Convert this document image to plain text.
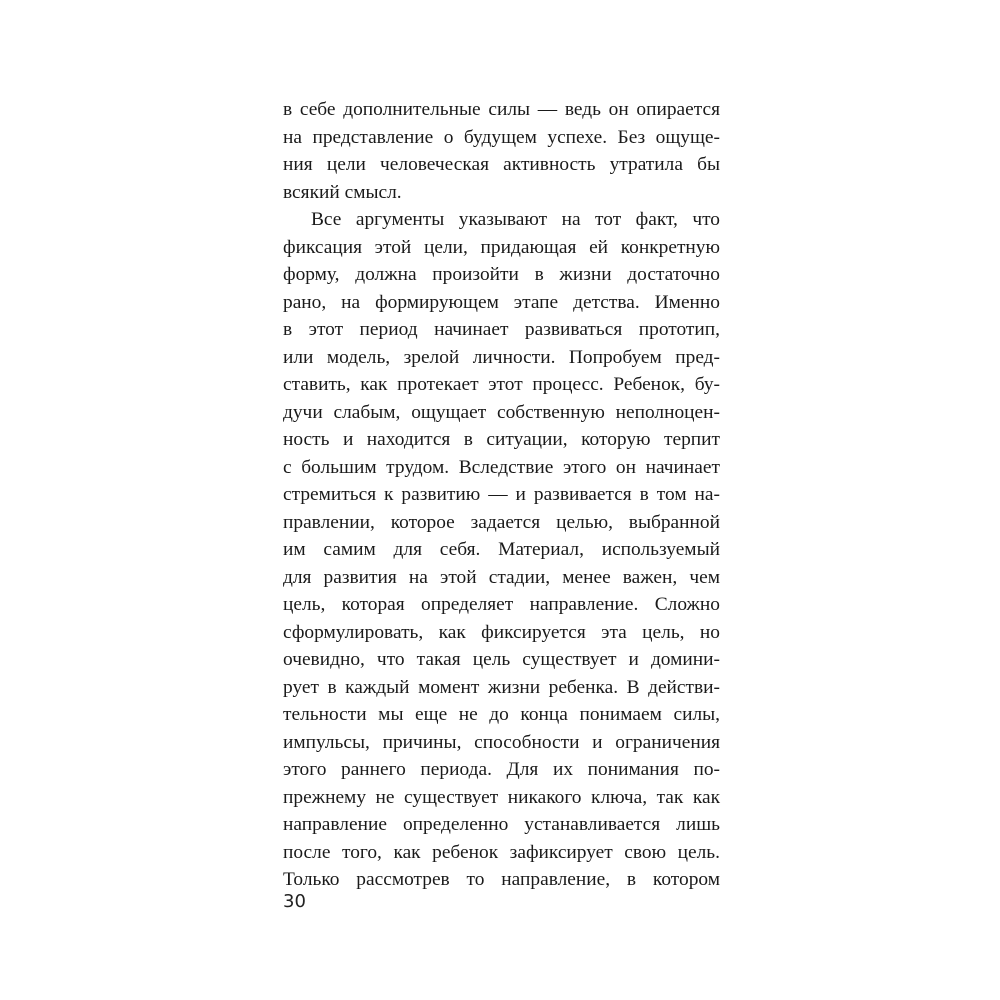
в себе дополнительные силы — ведь он опирается
на представление о будущем успехе. Без ощуще-
ния цели человеческая активность утратила бы
всякий смысл.
Все аргументы указывают на тот факт, что
фиксация этой цели, придающая ей конкретную
форму, должна произойти в жизни достаточно
рано, на формирующем этапе детства. Именно
в этот период начинает развиваться прототип,
или модель, зрелой личности. Попробуем пред-
ставить, как протекает этот процесс. Ребенок, бу-
дучи слабым, ощущает собственную неполноцен-
ность и находится в ситуации, которую терпит
с большим трудом. Вследствие этого он начинает
стремиться к развитию — и развивается в том на-
правлении, которое задается целью, выбранной
им самим для себя. Материал, используемый
для развития на этой стадии, менее важен, чем
цель, которая определяет направление. Сложно
сформулировать, как фиксируется эта цель, но
очевидно, что такая цель существует и домини-
рует в каждый момент жизни ребенка. В действи-
тельности мы еще не до конца понимаем силы,
импульсы, причины, способности и ограничения
этого раннего периода. Для их понимания по-
прежнему не существует никакого ключа, так как
направление определенно устанавливается лишь
после того, как ребенок зафиксирует свою цель.
Только рассмотрев то направление, в котором
30
